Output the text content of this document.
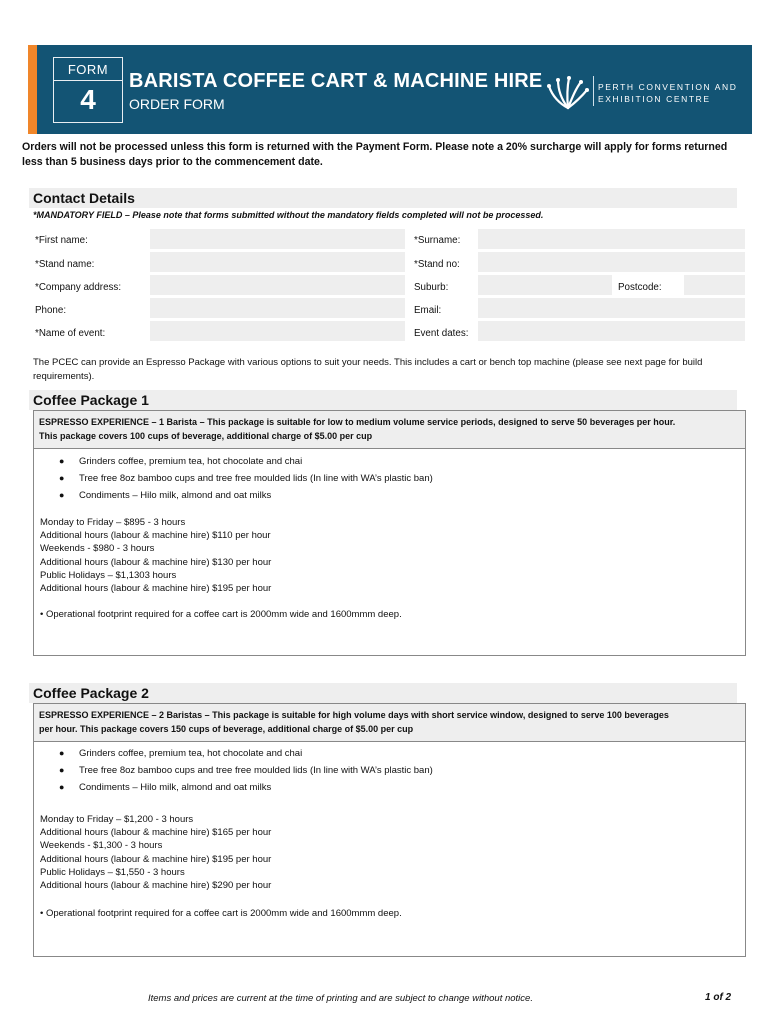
FORM
4
BARISTA COFFEE CART & MACHINE HIRE
ORDER FORM
PERTH CONVENTION AND
EXHIBITION CENTRE
Orders will not be processed unless this form is returned with the Payment Form. Please note a 20% surcharge will apply for forms returned less than 5 business days prior to the commencement date.
Contact Details
*MANDATORY FIELD – Please note that forms submitted without the mandatory fields completed will not be processed.
*First name:	*Surname:
*Stand name:	*Stand no:
*Company address:	Suburb:	Postcode:
Phone:	Email:
*Name of event:	Event dates:
The PCEC can provide an Espresso Package with various options to suit your needs. This includes a cart or bench top machine (please see next page for build requirements).
Coffee Package 1
ESPRESSO EXPERIENCE – 1 Barista – This package is suitable for low to medium volume service periods, designed to serve 50 beverages per hour.
This package covers 100 cups of beverage, additional charge of $5.00 per cup
● Grinders coffee, premium tea, hot chocolate and chai
● Tree free 8oz bamboo cups and tree free moulded lids (In line with WA’s plastic ban)
● Condiments – Hilo milk, almond and oat milks
Monday to Friday – $895 - 3 hours
Additional hours (labour & machine hire) $110 per hour
Weekends - $980 - 3 hours
Additional hours (labour & machine hire) $130 per hour
Public Holidays – $1,1303 hours
Additional hours (labour & machine hire) $195 per hour
• Operational footprint required for a coffee cart is 2000mm wide and 1600mmm deep.
Coffee Package 2
ESPRESSO EXPERIENCE – 2 Baristas – This package is suitable for high volume days with short service window, designed to serve 100 beverages
per hour. This package covers 150 cups of beverage, additional charge of $5.00 per cup
● Grinders coffee, premium tea, hot chocolate and chai
● Tree free 8oz bamboo cups and tree free moulded lids (In line with WA’s plastic ban)
● Condiments – Hilo milk, almond and oat milks
Monday to Friday – $1,200 - 3 hours
Additional hours (labour & machine hire) $165 per hour
Weekends - $1,300 - 3 hours
Additional hours (labour & machine hire) $195 per hour
Public Holidays – $1,550 - 3 hours
Additional hours (labour & machine hire) $290 per hour
• Operational footprint required for a coffee cart is 2000mm wide and 1600mmm deep.
Items and prices are current at the time of printing and are subject to change without notice.	1 of 2
